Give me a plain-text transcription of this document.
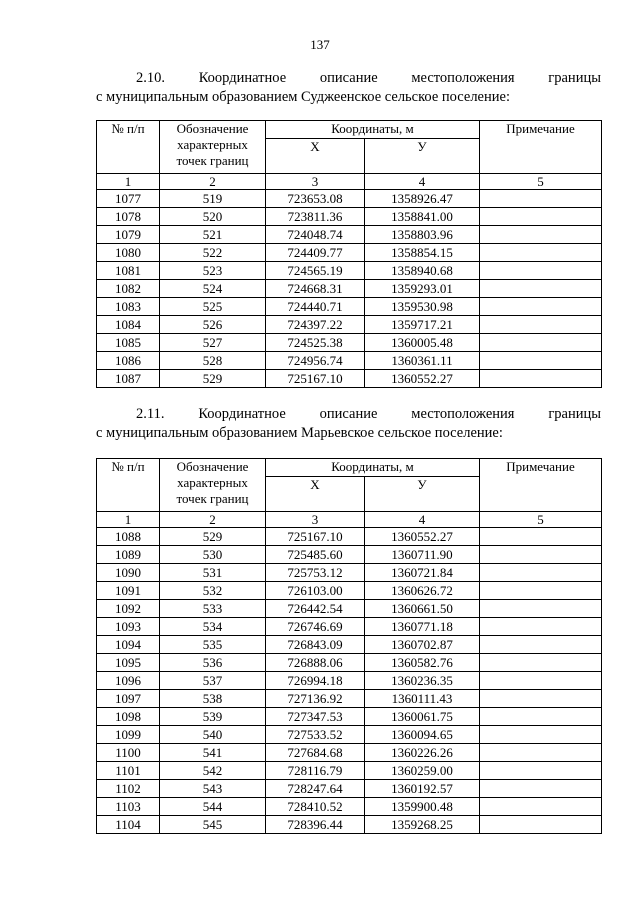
137
2.10. Координатное описание местоположения границы
с муниципальным образованием Суджеенское сельское поселение:
№ п/п	Обозначение
характерных
точек границ	Координаты, м		Примечание
		Х	У	
1	2	3	4	5
1077	519	723653.08	1358926.47	
1078	520	723811.36	1358841.00	
1079	521	724048.74	1358803.96	
1080	522	724409.77	1358854.15	
1081	523	724565.19	1358940.68	
1082	524	724668.31	1359293.01	
1083	525	724440.71	1359530.98	
1084	526	724397.22	1359717.21	
1085	527	724525.38	1360005.48	
1086	528	724956.74	1360361.11	
1087	529	725167.10	1360552.27	
2.11. Координатное описание местоположения границы
с муниципальным образованием Марьевское сельское поселение:
№ п/п	Обозначение
характерных
точек границ	Координаты, м		Примечание
		Х	У	
1	2	3	4	5
1088	529	725167.10	1360552.27	
1089	530	725485.60	1360711.90	
1090	531	725753.12	1360721.84	
1091	532	726103.00	1360626.72	
1092	533	726442.54	1360661.50	
1093	534	726746.69	1360771.18	
1094	535	726843.09	1360702.87	
1095	536	726888.06	1360582.76	
1096	537	726994.18	1360236.35	
1097	538	727136.92	1360111.43	
1098	539	727347.53	1360061.75	
1099	540	727533.52	1360094.65	
1100	541	727684.68	1360226.26	
1101	542	728116.79	1360259.00	
1102	543	728247.64	1360192.57	
1103	544	728410.52	1359900.48	
1104	545	728396.44	1359268.25	
